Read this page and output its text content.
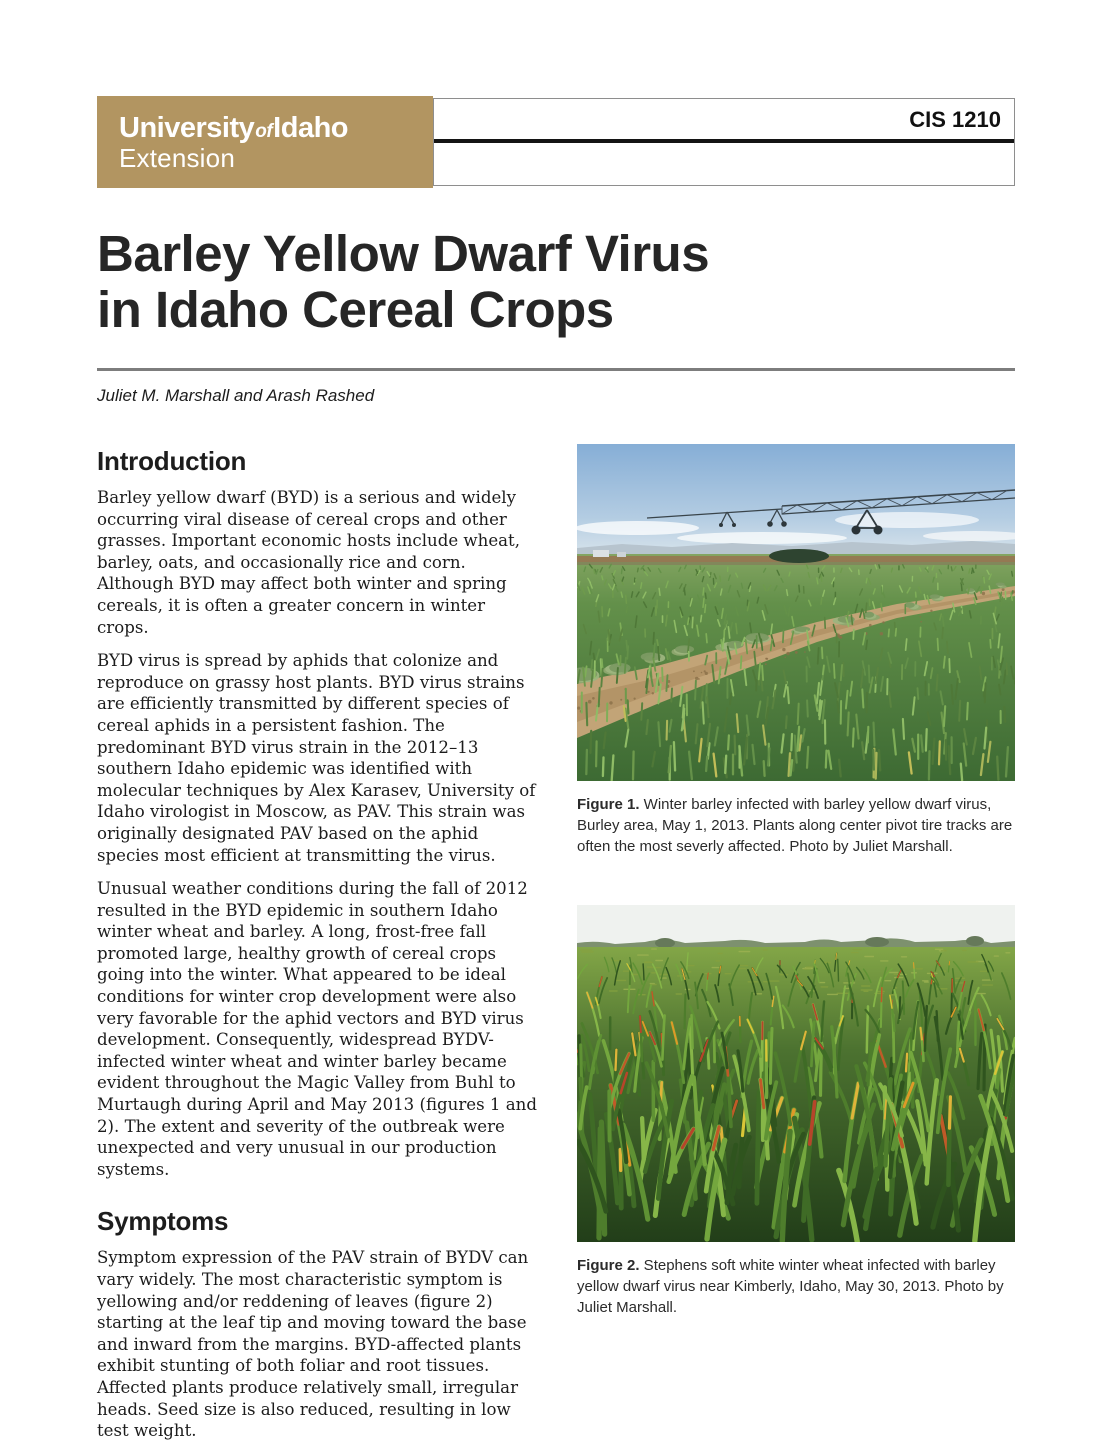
UniversityofIdaho
Extension
CIS 1210
Barley Yellow Dwarf Virus
in Idaho Cereal Crops
Juliet M. Marshall and Arash Rashed
Introduction

Barley yellow dwarf (BYD) is a serious and widely occurring viral disease of cereal crops and other grasses. Important economic hosts include wheat, barley, oats, and occasionally rice and corn. Although BYD may affect both winter and spring cereals, it is often a greater concern in winter crops.

BYD virus is spread by aphids that colonize and reproduce on grassy host plants. BYD virus strains are efficiently transmitted by different species of cereal aphids in a persistent fashion. The predominant BYD virus strain in the 2012–13 southern Idaho epidemic was identified with molecular techniques by Alex Karasev, University of Idaho virologist in Moscow, as PAV. This strain was originally designated PAV based on the aphid species most efficient at transmitting the virus.

Unusual weather conditions during the fall of 2012 resulted in the BYD epidemic in southern Idaho winter wheat and barley. A long, frost-free fall promoted large, healthy growth of cereal crops going into the winter. What appeared to be ideal conditions for winter crop development were also very favorable for the aphid vectors and BYD virus development. Consequently, widespread BYDV-infected winter wheat and winter barley became evident throughout the Magic Valley from Buhl to Murtaugh during April and May 2013 (figures 1 and 2). The extent and severity of the outbreak were unexpected and very unusual in our production systems.

Symptoms

Symptom expression of the PAV strain of BYDV can vary widely. The most characteristic symptom is yellowing and/or reddening of leaves (figure 2) starting at the leaf tip and moving toward the base and inward from the margins. BYD-affected plants exhibit stunting of both foliar and root tissues. Affected plants produce relatively small, irregular heads. Seed size is also reduced, resulting in low test weight.

Figure 1. Winter barley infected with barley yellow dwarf virus, Burley area, May 1, 2013. Plants along center pivot tire tracks are often the most severly affected. Photo by Juliet Marshall.
Figure 2. Stephens soft white winter wheat infected with barley yellow dwarf virus near Kimberly, Idaho, May 30, 2013. Photo by Juliet Marshall.
